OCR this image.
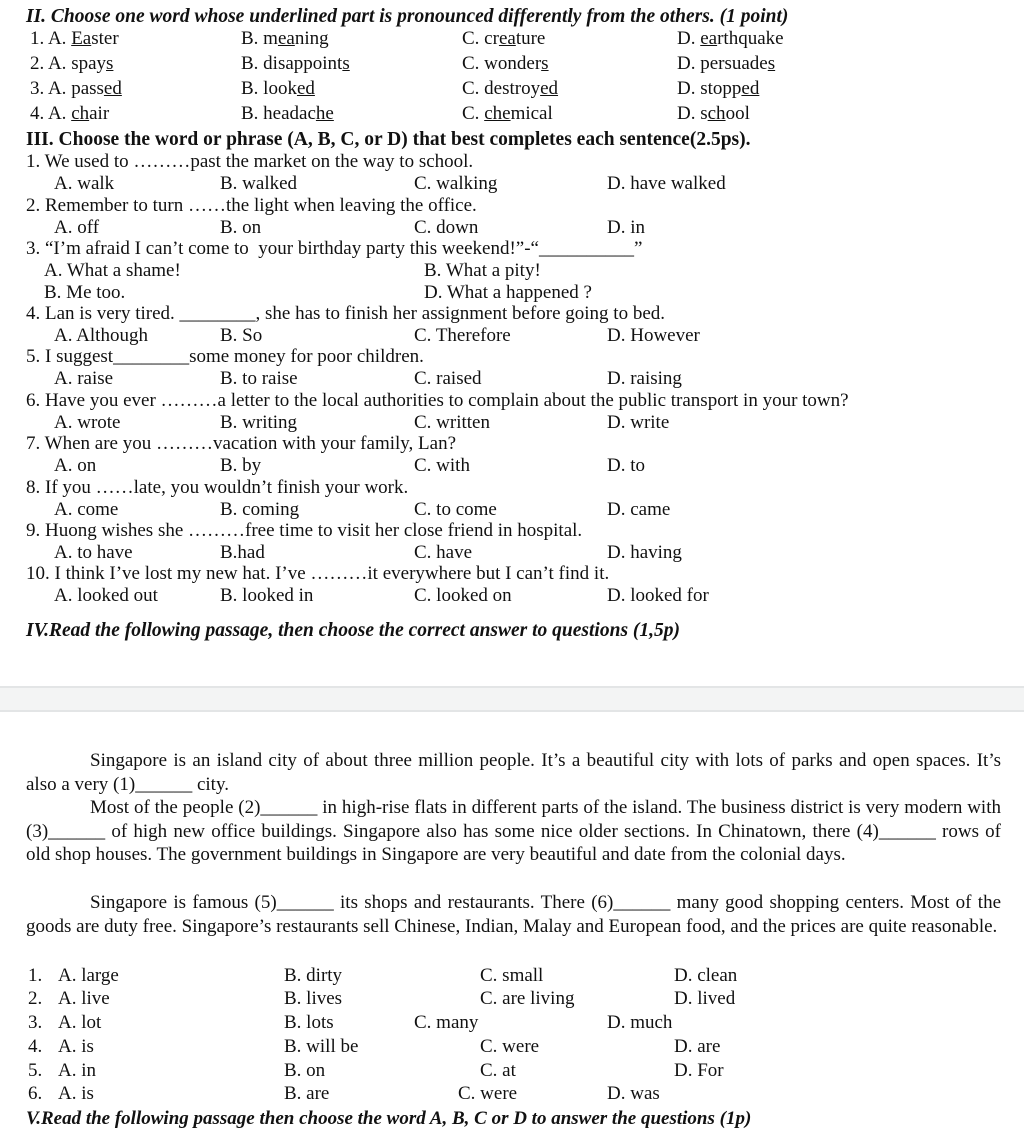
II. Choose one word whose underlined part is pronounced differently from the others. (1 point)
1. A. Easter	B. meaning	C. creature	D. earthquake
2. A. spays	B. disappoints	C. wonders	D. persuades
3. A. passed	B. looked	C. destroyed	D. stopped
4. A. chair	B. headache	C. chemical	D. school
III. Choose the word or phrase (A, B, C, or D) that best completes each sentence(2.5ps).
1. We used to ………past the market on the way to school.
A. walk	B. walked	C. walking	D. have walked
2. Remember to turn ……the light when leaving the office.
A. off	B. on	C. down	D. in
3. “I’m afraid I can’t come to  your birthday party this weekend!”-“__________”
A. What a shame!	B. What a pity!
B. Me too.	D. What a happened ?
4. Lan is very tired. ________, she has to finish her assignment before going to bed.
A. Although	B. So	C. Therefore	D. However
5. I suggest________some money for poor children.
A. raise	B. to raise	C. raised	D. raising
6. Have you ever ………a letter to the local authorities to complain about the public transport in your town?
A. wrote	B. writing	C. written	D. write
7. When are you ………vacation with your family, Lan?
A. on	B. by	C. with	D. to
8. If you ……late, you wouldn’t finish your work.
A. come	B. coming	C. to come	D. came
9. Huong wishes she ………free time to visit her close friend in hospital.
A. to have	B.had	C. have	D. having
10. I think I’ve lost my new hat. I’ve ………it everywhere but I can’t find it.
A. looked out	B. looked in	C. looked on	D. looked for
IV.Read the following passage, then choose the correct answer to questions (1,5p)
Singapore is an island city of about three million people. It’s a beautiful city with lots of parks and open spaces. It’s also a very (1)______ city.
Most of the people (2)______ in high-rise flats in different parts of the island. The business district is very modern with (3)______ of high new office buildings. Singapore also has some nice older sections. In Chinatown, there (4)______ rows of old shop houses. The government buildings in Singapore are very beautiful and date from the colonial days.
Singapore is famous (5)______ its shops and restaurants. There (6)______ many good shopping centers. Most of the goods are duty free. Singapore’s restaurants sell Chinese, Indian, Malay and European food, and the prices are quite reasonable.
1. A. large	B. dirty	C. small	D. clean
2. A. live	B. lives	C. are living	D. lived
3. A. lot	B. lots	C. many	D. much
4. A. is	B. will be	C. were	D. are
5. A. in	B. on	C. at	D. For
6. A. is	B. are	C. were	D. was
V.Read the following passage then choose the word A, B, C or D to answer the questions (1p)
